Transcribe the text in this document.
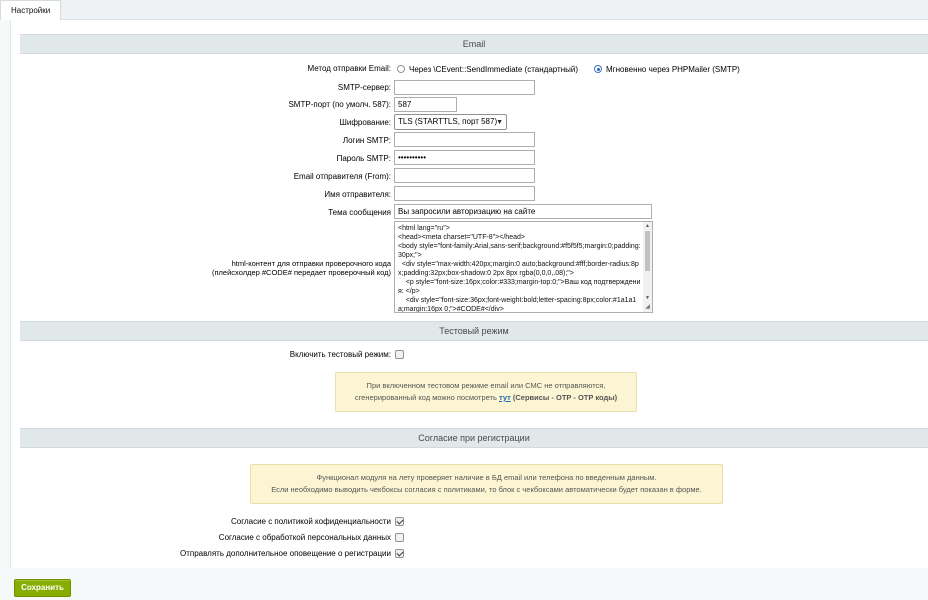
Настройки
Email
Метод отправки Email: Через \CEvent::SendImmediate (стандартный)	Мгновенно через PHPMailer (SMTP)
SMTP-сервер:
SMTP-порт (по умолч. 587): 587
Шифрование: TLS (STARTTLS, порт 587)
▼
Логин SMTP:
Пароль SMTP: ••••••••••
Email отправителя (From):
Имя отправителя:
Тема сообщения Вы запросили авторизацию на сайте
html-контент для отправки проверочного кода
(плейсхолдер #CODE# передает проверочный код)
<html lang="ru">
<head><meta charset="UTF-8"></head>
<body style="font-family:Arial,sans-serif;background:#f5f5f5;margin:0;padding:30px;">
<div style="max-width:420px;margin:0 auto;background:#fff;border-radius:8px;padding:32px;box-shadow:0 2px 8px rgba(0,0,0,.08);">
<p style="font-size:16px;color:#333;margin-top:0;">Ваш код подтверждения: </p>
<div style="font-size:36px;font-weight:bold;letter-spacing:8px;color:#1a1a1a;margin:16px 0;">#CODE#</div>
▲
▼
◢
Тестовый режим
Включить тестовый режим:
При включенном тестовом режиме email или СМС не отправляются,
сгенерированный код можно посмотреть тут (Сервисы - OTP - OTP коды)
Согласие при регистрации
Функционал модуля на лету проверяет наличие в БД email или телефона по введенным данным.
Если необходимо выводить чекбоксы согласия с политиками, то блок с чекбоксами автоматически будет показан в форме.
Согласие с политикой кофиденциальности
Согласие с обработкой персональных данных
Отправлять дополнительное оповещение о регистрации
Сохранить
